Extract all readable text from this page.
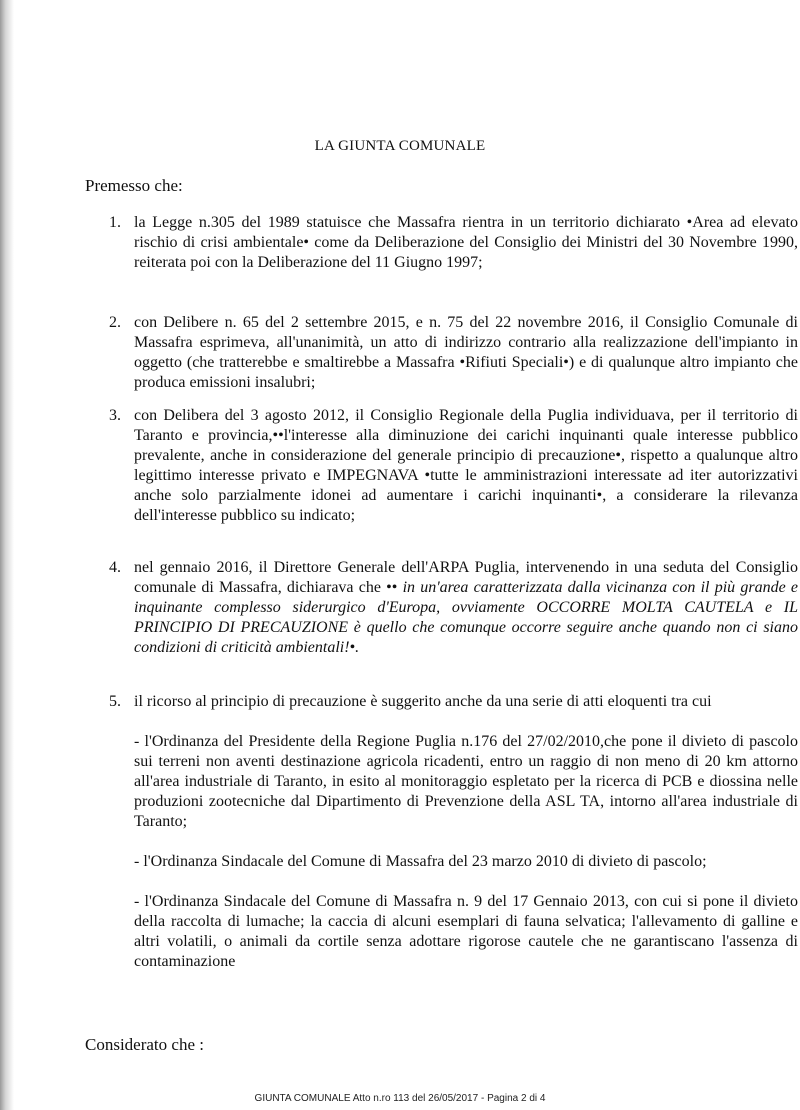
LA GIUNTA COMUNALE
Premesso che:
1. la Legge n.305 del 1989 statuisce che Massafra rientra in un territorio dichiarato •Area ad elevato rischio di crisi ambientale• come da Deliberazione del Consiglio dei Ministri del 30 Novembre 1990, reiterata poi con la Deliberazione del 11 Giugno 1997;
2. con Delibere n. 65 del 2 settembre 2015, e n. 75 del 22 novembre 2016, il Consiglio Comunale di Massafra esprimeva, all'unanimità, un atto di indirizzo contrario alla realizzazione dell'impianto in oggetto (che tratterebbe e smaltirebbe a Massafra •Rifiuti Speciali•) e di qualunque altro impianto che produca emissioni insalubri;
3. con Delibera del 3 agosto 2012, il Consiglio Regionale della Puglia individuava, per il territorio di Taranto e provincia,••l'interesse alla diminuzione dei carichi inquinanti quale interesse pubblico prevalente, anche in considerazione del generale principio di precauzione•, rispetto a qualunque altro legittimo interesse privato e IMPEGNAVA •tutte le amministrazioni interessate ad iter autorizzativi anche solo parzialmente idonei ad aumentare i carichi inquinanti•, a considerare la rilevanza dell'interesse pubblico su indicato;
4. nel gennaio 2016, il Direttore Generale dell'ARPA Puglia, intervenendo in una seduta del Consiglio comunale di Massafra, dichiarava che •• in un'area caratterizzata dalla vicinanza con il più grande e inquinante complesso siderurgico d'Europa, ovviamente OCCORRE MOLTA CAUTELA e IL PRINCIPIO DI PRECAUZIONE è quello che comunque occorre seguire anche quando non ci siano condizioni di criticità ambientali!•.
5. il ricorso al principio di precauzione è suggerito anche da una serie di atti eloquenti tra cui

- l'Ordinanza del Presidente della Regione Puglia n.176 del 27/02/2010,che pone il divieto di pascolo sui terreni non aventi destinazione agricola ricadenti, entro un raggio di non meno di 20 km attorno all'area industriale di Taranto, in esito al monitoraggio espletato per la ricerca di PCB e diossina nelle produzioni zootecniche dal Dipartimento di Prevenzione della ASL TA, intorno all'area industriale di Taranto;

- l'Ordinanza Sindacale del Comune di Massafra del 23 marzo 2010 di divieto di pascolo;

- l'Ordinanza Sindacale del Comune di Massafra n. 9 del 17 Gennaio 2013, con cui si pone il divieto della raccolta di lumache; la caccia di alcuni esemplari di fauna selvatica; l'allevamento di galline e altri volatili, o animali da cortile senza adottare rigorose cautele che ne garantiscano l'assenza di contaminazione

Considerato che :
GIUNTA COMUNALE Atto n.ro 113 del 26/05/2017 - Pagina 2 di 4
